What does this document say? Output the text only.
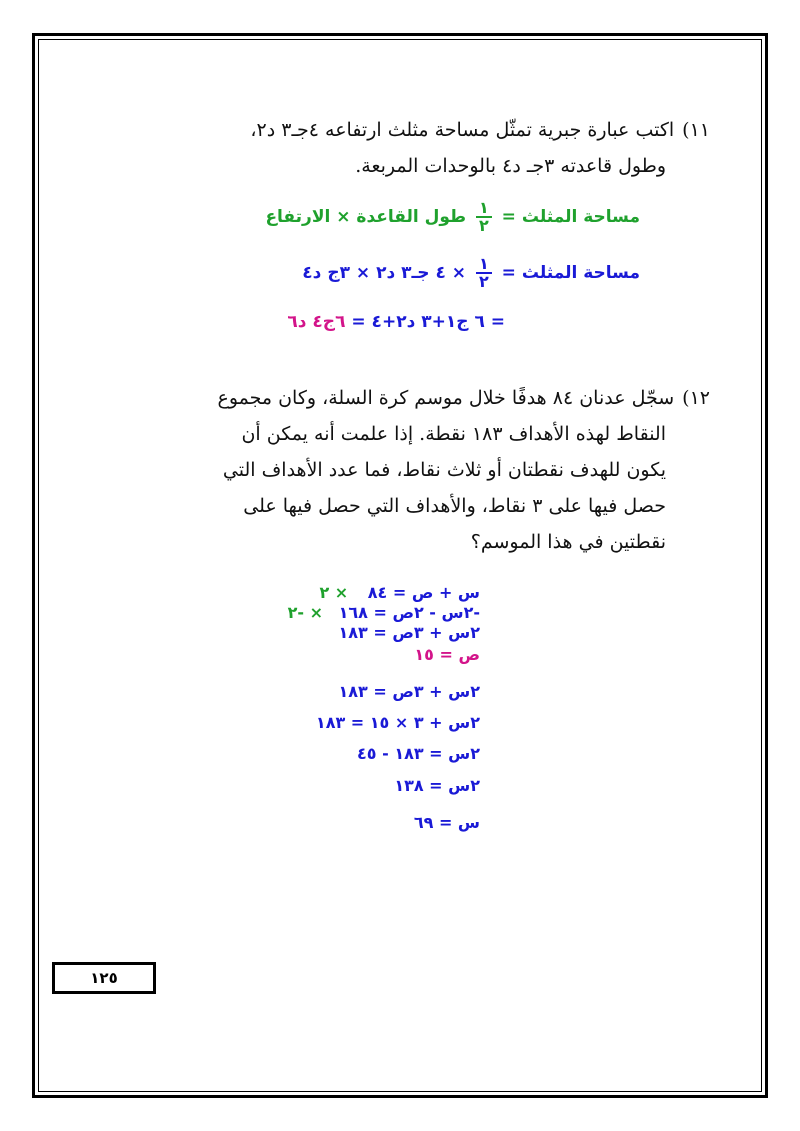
١١)اكتب عبارة جبرية تمثّل مساحة مثلث ارتفاعه ٤جـ٣ د٢،
وطول قاعدته ٣جـ د٤ بالوحدات المربعة.
مساحة المثلث =
$\frac{١}{٢}$
طول القاعدة × الارتفاع
مساحة المثلث =
$\frac{١}{٢}$
× ٤ جـ٣ د٢ × ٣ج د٤
= ٦ ج١+٣ د٢+٤ = ٦ج٤ د٦
١٢)سجّل عدنان ٨٤ هدفًا خلال موسم كرة السلة، وكان مجموع
النقاط لهذه الأهداف ١٨٣ نقطة. إذا علمت أنه يمكن أن
يكون للهدف نقطتان أو ثلاث نقاط، فما عدد الأهداف التي
حصل فيها على ٣ نقاط، والأهداف التي حصل فيها على
نقطتين في هذا الموسم؟
س + ص = ٨٤ × ٢
-٢س - ٢ص = ١٦٨ × -٢
٢س + ٣ص = ١٨٣
ص = ١٥
٢س + ٣ص = ١٨٣
٢س + ٣ × ١٥ = ١٨٣
٢س = ١٨٣ - ٤٥
٢س = ١٣٨
س = ٦٩
١٢٥
